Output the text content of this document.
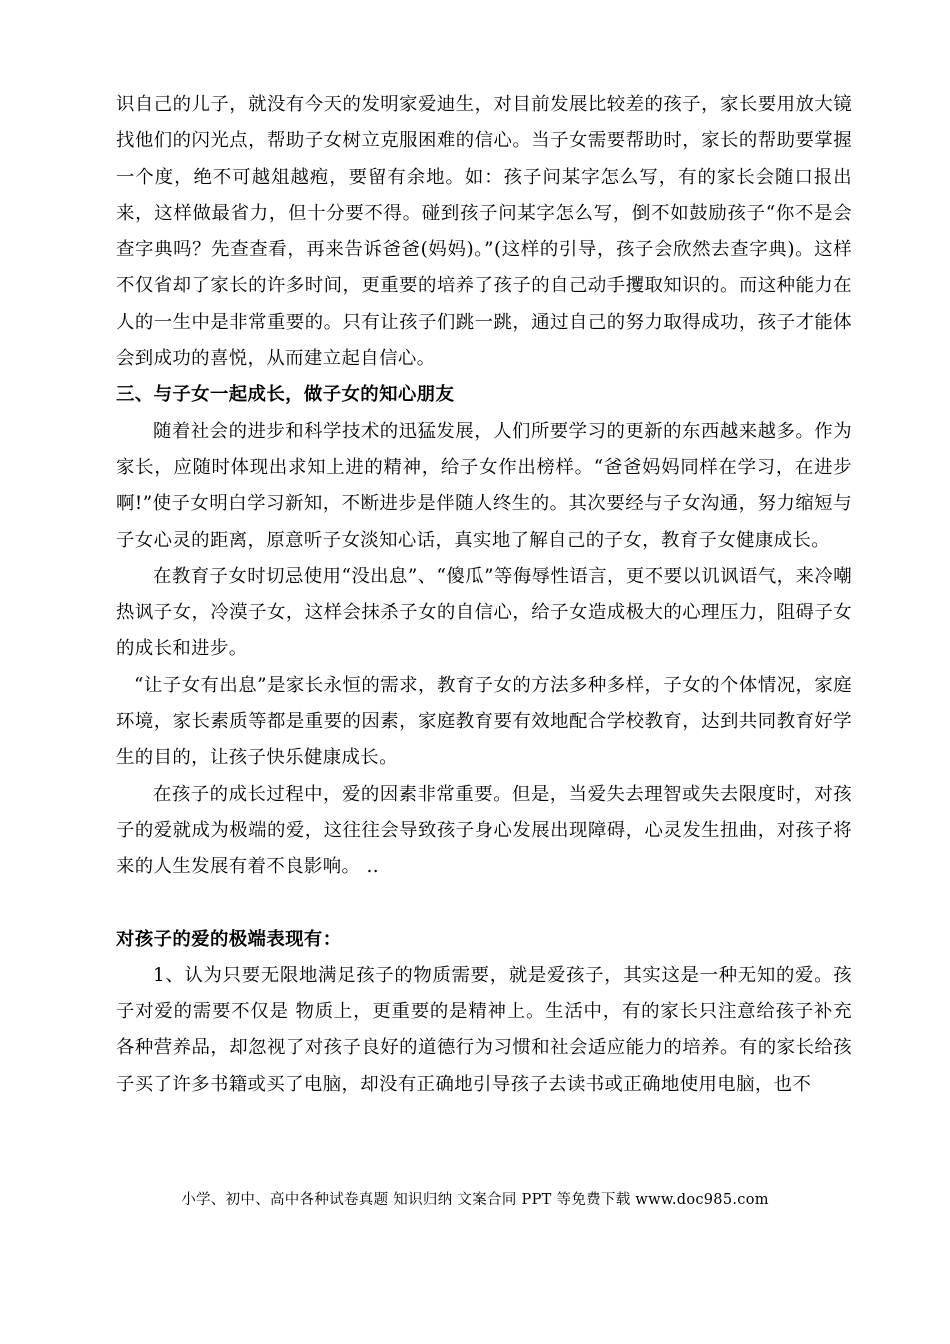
识自己的儿子，就没有今天的发明家爱迪生，对目前发展比较差的孩子，家长要用放大镜找他们的闪光点，帮助子女树立克服困难的信心。当子女需要帮助时，家长的帮助要掌握一个度，绝不可越俎越疱，要留有余地。如：孩子问某字怎么写，有的家长会随口报出来，这样做最省力，但十分要不得。碰到孩子问某字怎么写，倒不如鼓励孩子“你不是会查字典吗？先查查看，再来告诉爸爸(妈妈)。”(这样的引导，孩子会欣然去查字典)。这样不仅省却了家长的许多时间，更重要的培养了孩子的自己动手攫取知识的。而这种能力在人的一生中是非常重要的。只有让孩子们跳一跳，通过自己的努力取得成功，孩子才能体会到成功的喜悦，从而建立起自信心。

三、与子女一起成长，做子女的知心朋友

随着社会的进步和科学技术的迅猛发展，人们所要学习的更新的东西越来越多。作为家长，应随时体现出求知上进的精神，给子女作出榜样。“爸爸妈妈同样在学习，在进步啊!”使子女明白学习新知，不断进步是伴随人终生的。其次要经与子女沟通，努力缩短与子女心灵的距离，原意听子女淡知心话，真实地了解自己的子女，教育子女健康成长。

在教育子女时切忌使用“没出息”、“傻瓜”等侮辱性语言，更不要以讥讽语气，来冷嘲热讽子女，冷漠子女，这样会抹杀子女的自信心，给子女造成极大的心理压力，阻碍子女的成长和进步。

“让子女有出息”是家长永恒的需求，教育子女的方法多种多样，子女的个体情况，家庭环境，家长素质等都是重要的因素，家庭教育要有效地配合学校教育，达到共同教育好学生的目的，让孩子快乐健康成长。

在孩子的成长过程中，爱的因素非常重要。但是，当爱失去理智或失去限度时，对孩子的爱就成为极端的爱，这往往会导致孩子身心发展出现障碍，心灵发生扭曲，对孩子将来的人生发展有着不良影响。 ..

对孩子的爱的极端表现有：

1、认为只要无限地满足孩子的物质需要，就是爱孩子，其实这是一种无知的爱。孩子对爱的需要不仅是 物质上，更重要的是精神上。生活中，有的家长只注意给孩子补充各种营养品，却忽视了对孩子良好的道德行为习惯和社会适应能力的培养。有的家长给孩子买了许多书籍或买了电脑，却没有正确地引导孩子去读书或正确地使用电脑，也不

小学、初中、高中各种试卷真题 知识归纳 文案合同 PPT 等免费下载 www.doc985.com
